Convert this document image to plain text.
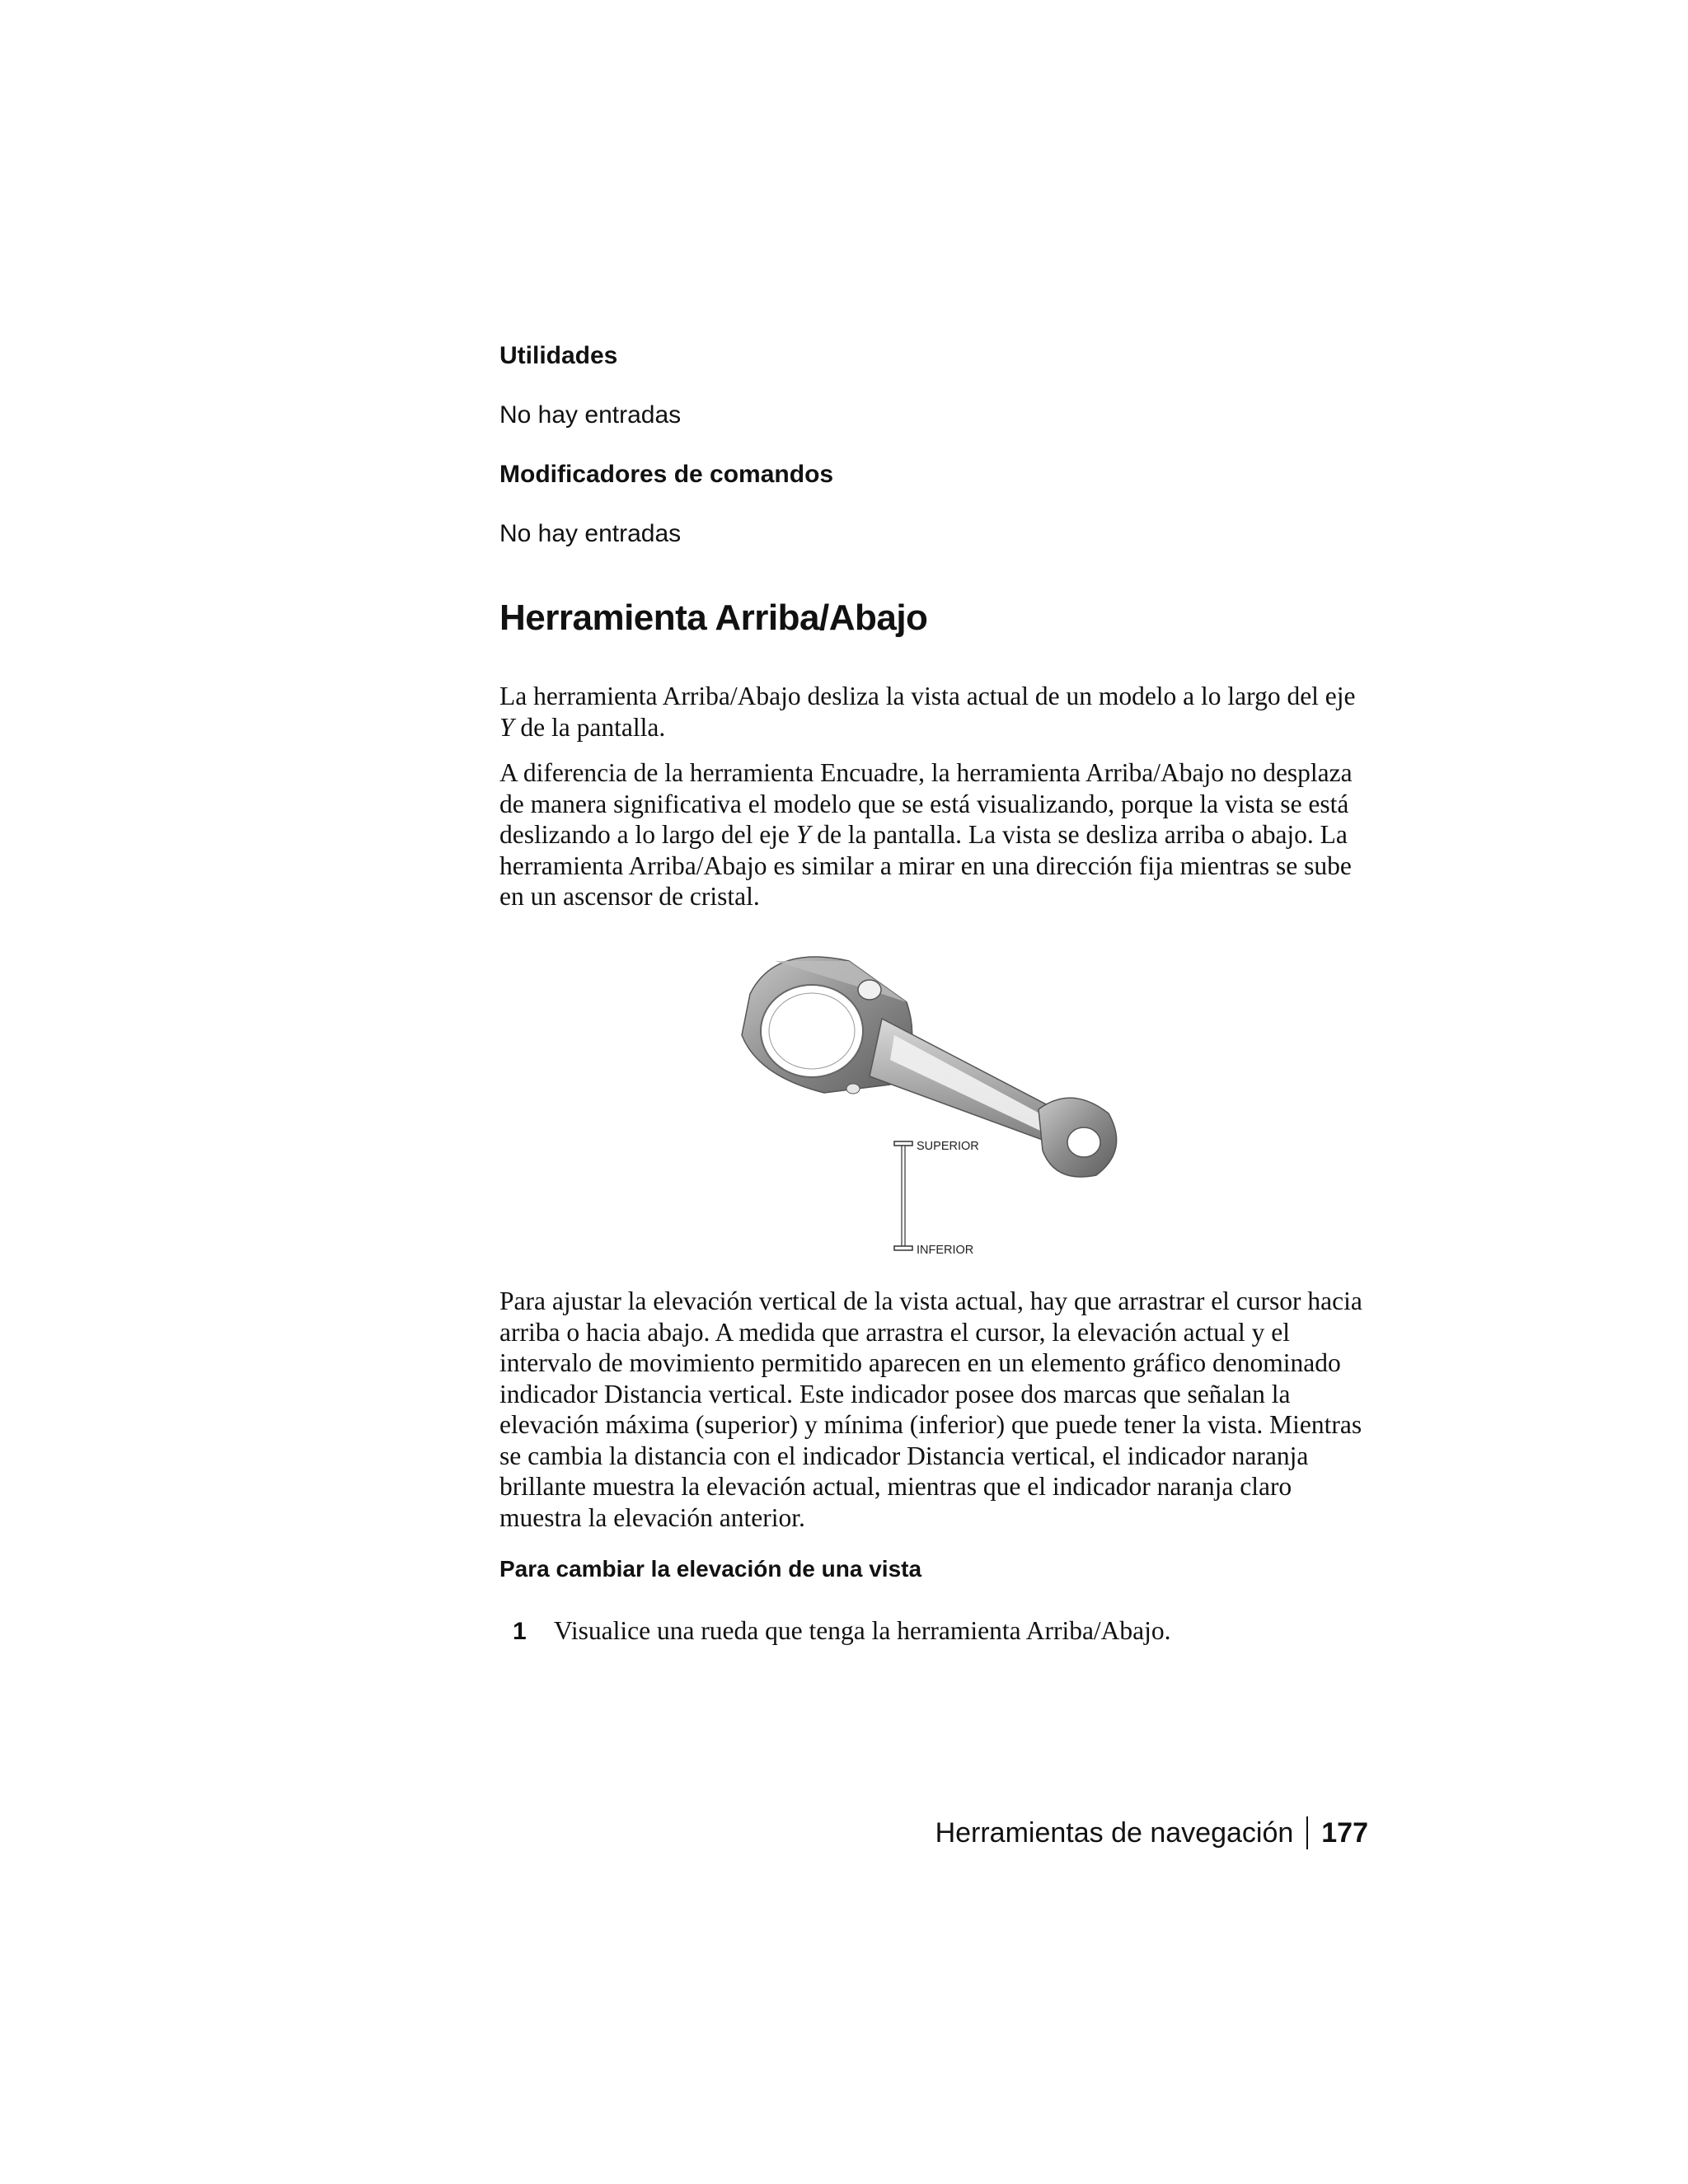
Utilidades

No hay entradas

Modificadores de comandos

No hay entradas

Herramienta Arriba/Abajo

La herramienta Arriba/Abajo desliza la vista actual de un modelo a lo largo del eje Y de la pantalla.

A diferencia de la herramienta Encuadre, la herramienta Arriba/Abajo no desplaza de manera significativa el modelo que se está visualizando, porque la vista se está deslizando a lo largo del eje Y de la pantalla. La vista se desliza arriba o abajo. La herramienta Arriba/Abajo es similar a mirar en una dirección fija mientras se sube en un ascensor de cristal.

SUPERIOR
INFERIOR

Para ajustar la elevación vertical de la vista actual, hay que arrastrar el cursor hacia arriba o hacia abajo. A medida que arrastra el cursor, la elevación actual y el intervalo de movimiento permitido aparecen en un elemento gráfico denominado indicador Distancia vertical. Este indicador posee dos marcas que señalan la elevación máxima (superior) y mínima (inferior) que puede tener la vista. Mientras se cambia la distancia con el indicador Distancia vertical, el indicador naranja brillante muestra la elevación actual, mientras que el indicador naranja claro muestra la elevación anterior.

Para cambiar la elevación de una vista

1	Visualice una rueda que tenga la herramienta Arriba/Abajo.
Herramientas de navegación 177
